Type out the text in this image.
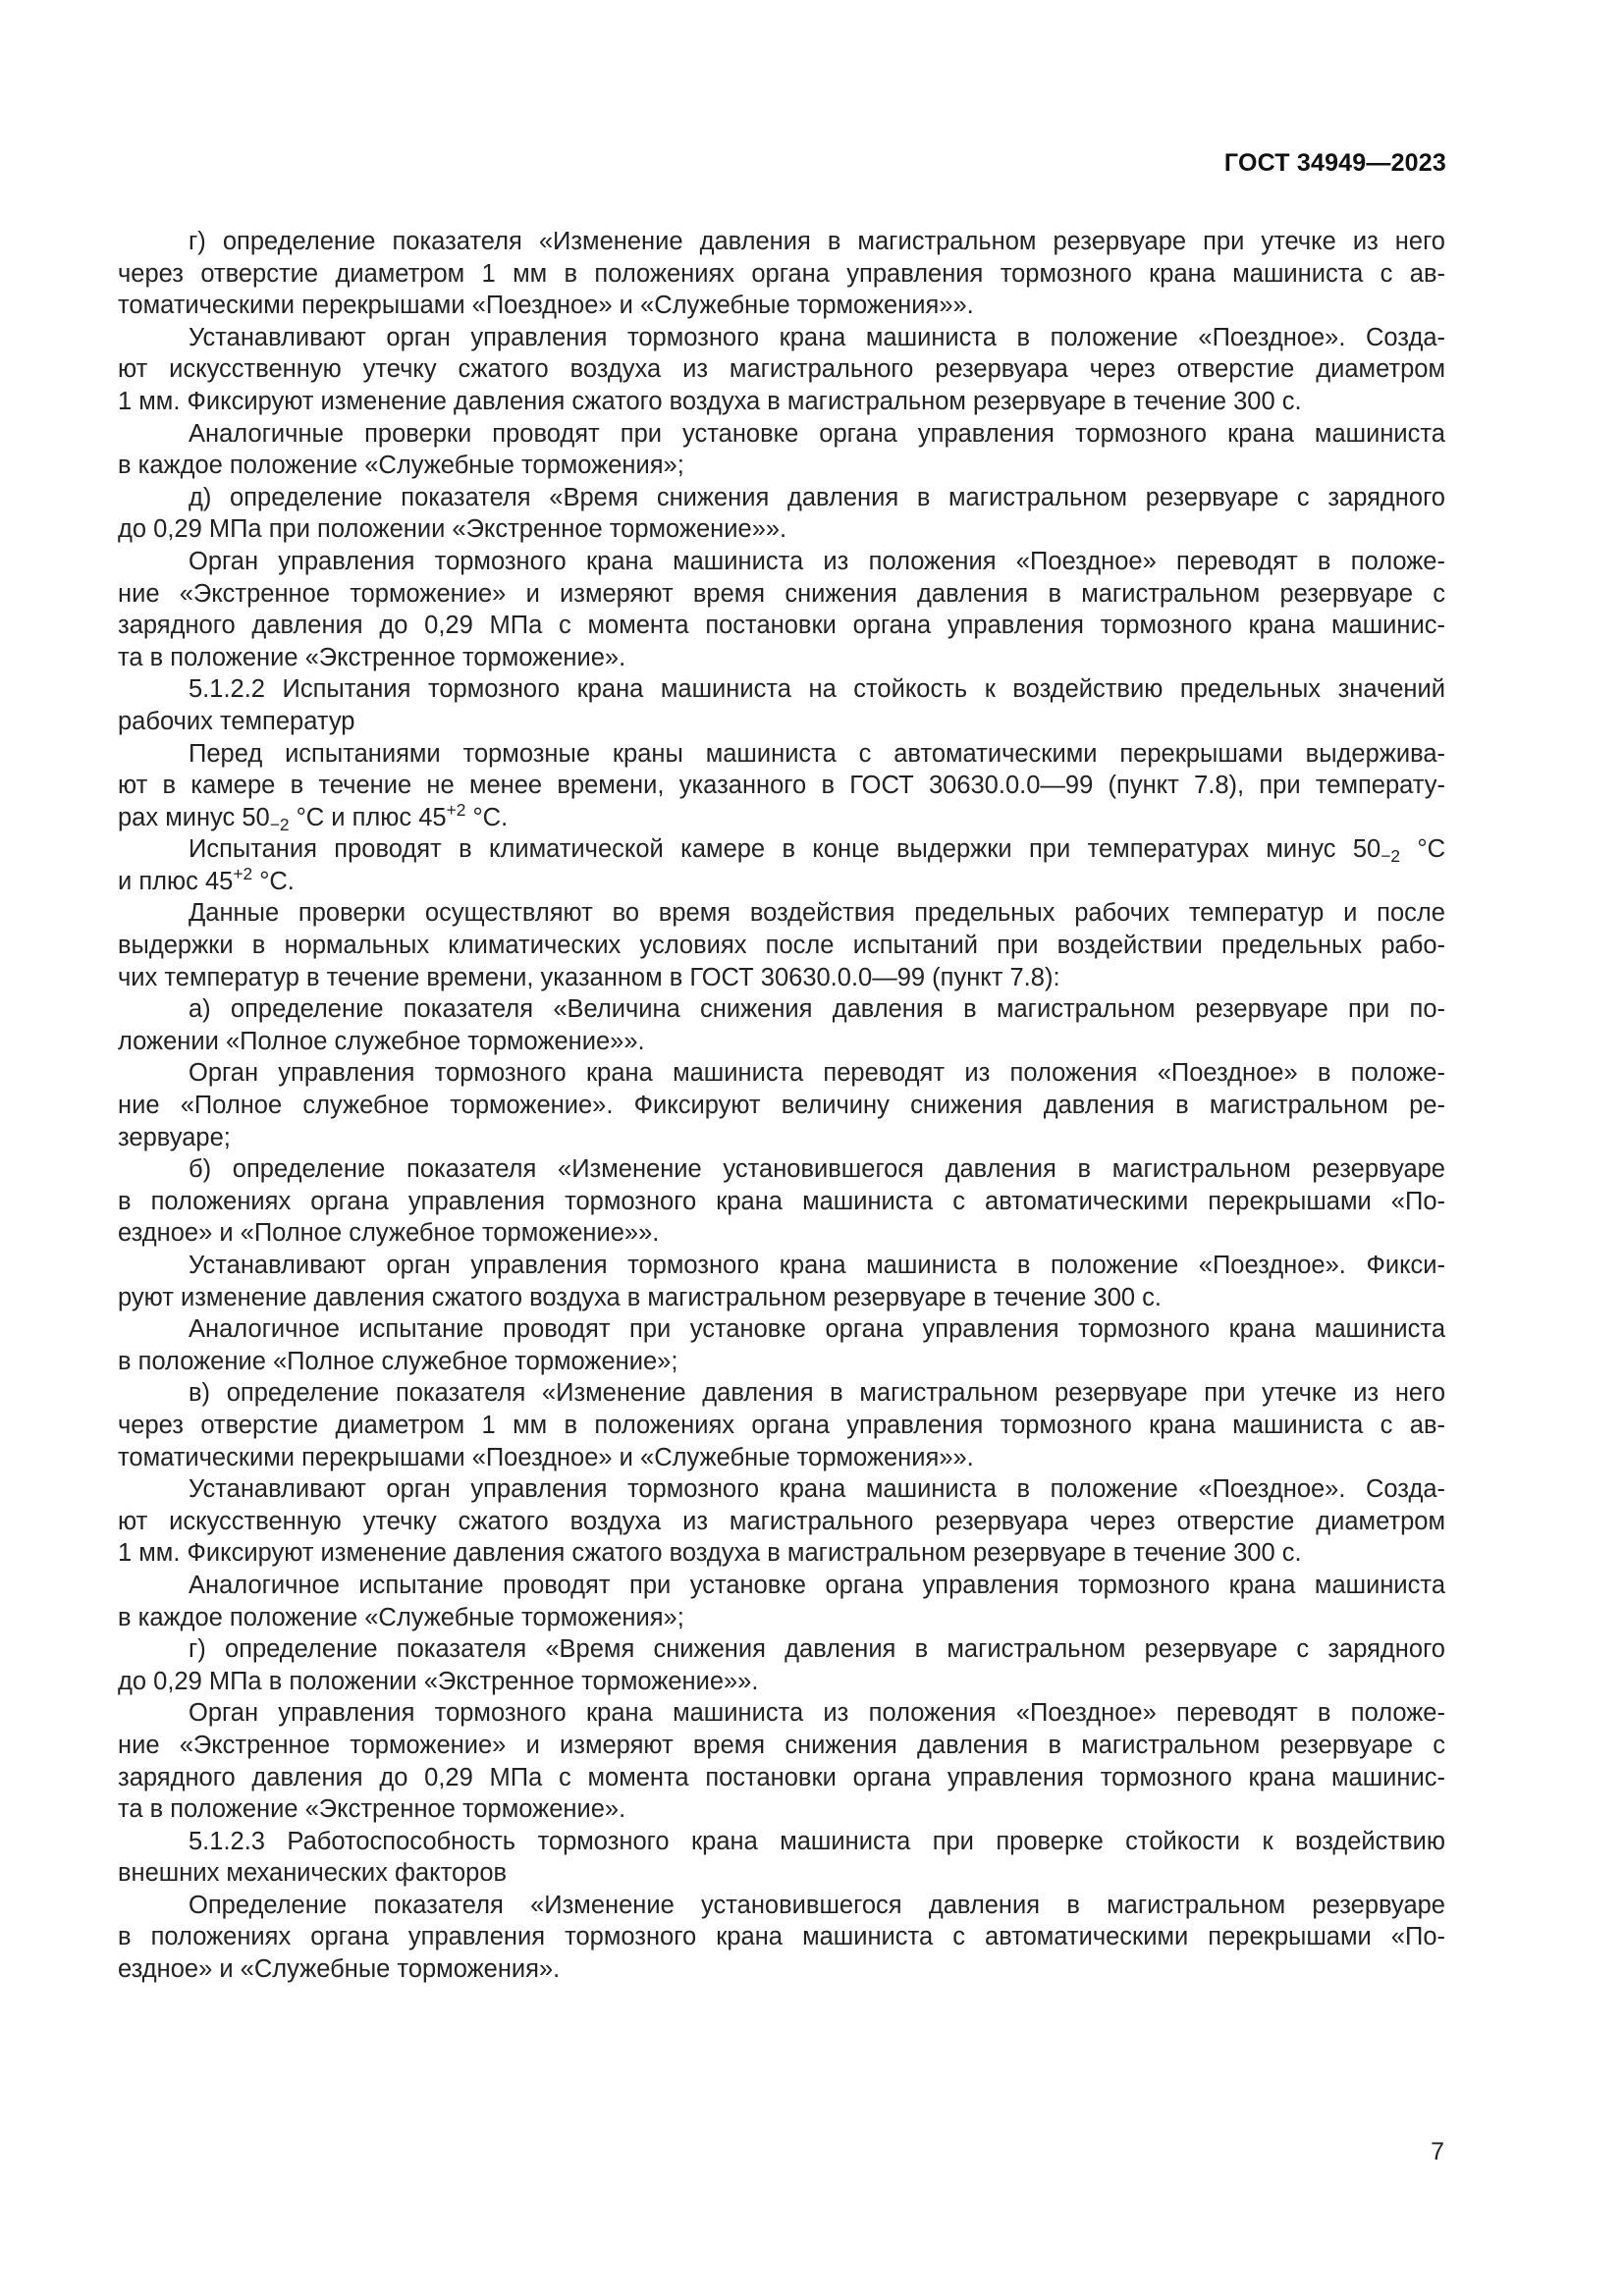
ГОСТ 34949—2023
г) определение показателя «Изменение давления в магистральном резервуаре при утечке из него
через отверстие диаметром 1 мм в положениях органа управления тормозного крана машиниста с ав-
томатическими перекрышами «Поездное» и «Служебные торможения»».
Устанавливают орган управления тормозного крана машиниста в положение «Поездное». Созда-
ют искусственную утечку сжатого воздуха из магистрального резервуара через отверстие диаметром
1 мм. Фиксируют изменение давления сжатого воздуха в магистральном резервуаре в течение 300 с.
Аналогичные проверки проводят при установке органа управления тормозного крана машиниста
в каждое положение «Служебные торможения»;
д) определение показателя «Время снижения давления в магистральном резервуаре с зарядного
до 0,29 МПа при положении «Экстренное торможение»».
Орган управления тормозного крана машиниста из положения «Поездное» переводят в положе-
ние «Экстренное торможение» и измеряют время снижения давления в магистральном резервуаре с
зарядного давления до 0,29 МПа с момента постановки органа управления тормозного крана машинис-
та в положение «Экстренное торможение».
5.1.2.2 Испытания тормозного крана машиниста на стойкость к воздействию предельных значений
рабочих температур
Перед испытаниями тормозные краны машиниста с автоматическими перекрышами выдержива-
ют в камере в течение не менее времени, указанного в ГОСТ 30630.0.0—99 (пункт 7.8), при температу-
рах минус $50_{-2}$ °С и плюс $45^{+2}$ °С.
Испытания проводят в климатической камере в конце выдержки при температурах минус $50_{-2}$ °С
и плюс $45^{+2}$ °С.
Данные проверки осуществляют во время воздействия предельных рабочих температур и после
выдержки в нормальных климатических условиях после испытаний при воздействии предельных рабо-
чих температур в течение времени, указанном в ГОСТ 30630.0.0—99 (пункт 7.8):
а) определение показателя «Величина снижения давления в магистральном резервуаре при по-
ложении «Полное служебное торможение»».
Орган управления тормозного крана машиниста переводят из положения «Поездное» в положе-
ние «Полное служебное торможение». Фиксируют величину снижения давления в магистральном ре-
зервуаре;
б) определение показателя «Изменение установившегося давления в магистральном резервуаре
в положениях органа управления тормозного крана машиниста с автоматическими перекрышами «По-
ездное» и «Полное служебное торможение»».
Устанавливают орган управления тормозного крана машиниста в положение «Поездное». Фикси-
руют изменение давления сжатого воздуха в магистральном резервуаре в течение 300 с.
Аналогичное испытание проводят при установке органа управления тормозного крана машиниста
в положение «Полное служебное торможение»;
в) определение показателя «Изменение давления в магистральном резервуаре при утечке из него
через отверстие диаметром 1 мм в положениях органа управления тормозного крана машиниста с ав-
томатическими перекрышами «Поездное» и «Служебные торможения»».
Устанавливают орган управления тормозного крана машиниста в положение «Поездное». Созда-
ют искусственную утечку сжатого воздуха из магистрального резервуара через отверстие диаметром
1 мм. Фиксируют изменение давления сжатого воздуха в магистральном резервуаре в течение 300 с.
Аналогичное испытание проводят при установке органа управления тормозного крана машиниста
в каждое положение «Служебные торможения»;
г) определение показателя «Время снижения давления в магистральном резервуаре с зарядного
до 0,29 МПа в положении «Экстренное торможение»».
Орган управления тормозного крана машиниста из положения «Поездное» переводят в положе-
ние «Экстренное торможение» и измеряют время снижения давления в магистральном резервуаре с
зарядного давления до 0,29 МПа с момента постановки органа управления тормозного крана машинис-
та в положение «Экстренное торможение».
5.1.2.3 Работоспособность тормозного крана машиниста при проверке стойкости к воздействию
внешних механических факторов
Определение показателя «Изменение установившегося давления в магистральном резервуаре
в положениях органа управления тормозного крана машиниста с автоматическими перекрышами «По-
ездное» и «Служебные торможения».
7
